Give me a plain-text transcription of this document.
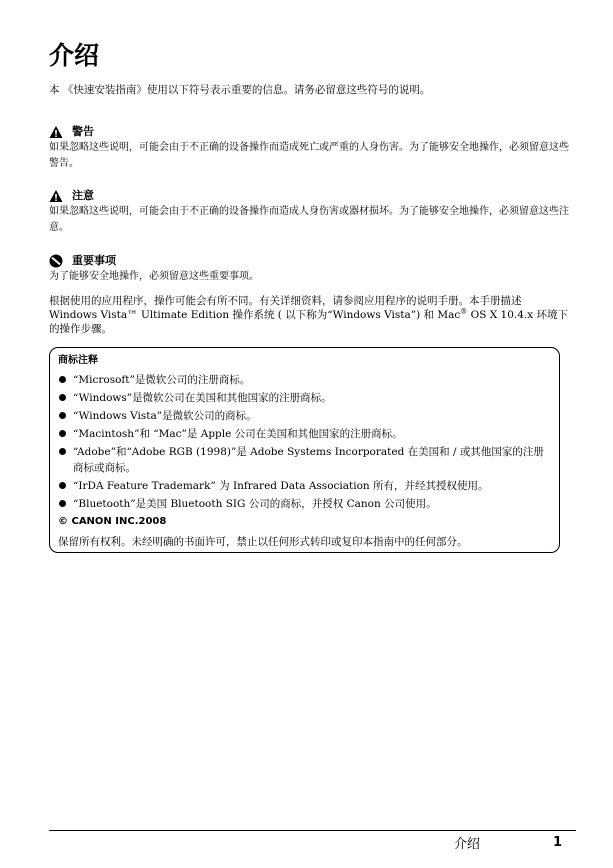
介绍

本 《快速安装指南》使用以下符号表示重要的信息。请务必留意这些符号的说明。

警告
如果忽略这些说明，可能会由于不正确的设备操作而造成死亡或严重的人身伤害。为了能够安全地操作，必须留意这些警告。
注意
如果忽略这些说明，可能会由于不正确的设备操作而造成人身伤害或器材损坏。为了能够安全地操作，必须留意这些注意。
重要事项
为了能够安全地操作，必须留意这些重要事项。

根据使用的应用程序，操作可能会有所不同。有关详细资料，请参阅应用程序的说明手册。本手册描述 Windows Vista™ Ultimate Edition 操作系统 ( 以下称为“Windows Vista”) 和 Mac® OS X 10.4.x 环境下的操作步骤。

商标注释
“Microsoft”是微软公司的注册商标。
“Windows”是微软公司在美国和其他国家的注册商标。
“Windows Vista”是微软公司的商标。
“Macintosh”和 “Mac”是 Apple 公司在美国和其他国家的注册商标。
“Adobe”和“Adobe RGB (1998)”是 Adobe Systems Incorporated 在美国和 / 或其他国家的注册商标或商标。
“IrDA Feature Trademark” 为 Infrared Data Association 所有，并经其授权使用。
“Bluetooth”是美国 Bluetooth SIG 公司的商标，并授权 Canon 公司使用。
© CANON INC.2008
保留所有权利。未经明确的书面许可，禁止以任何形式转印或复印本指南中的任何部分。
介绍	1
